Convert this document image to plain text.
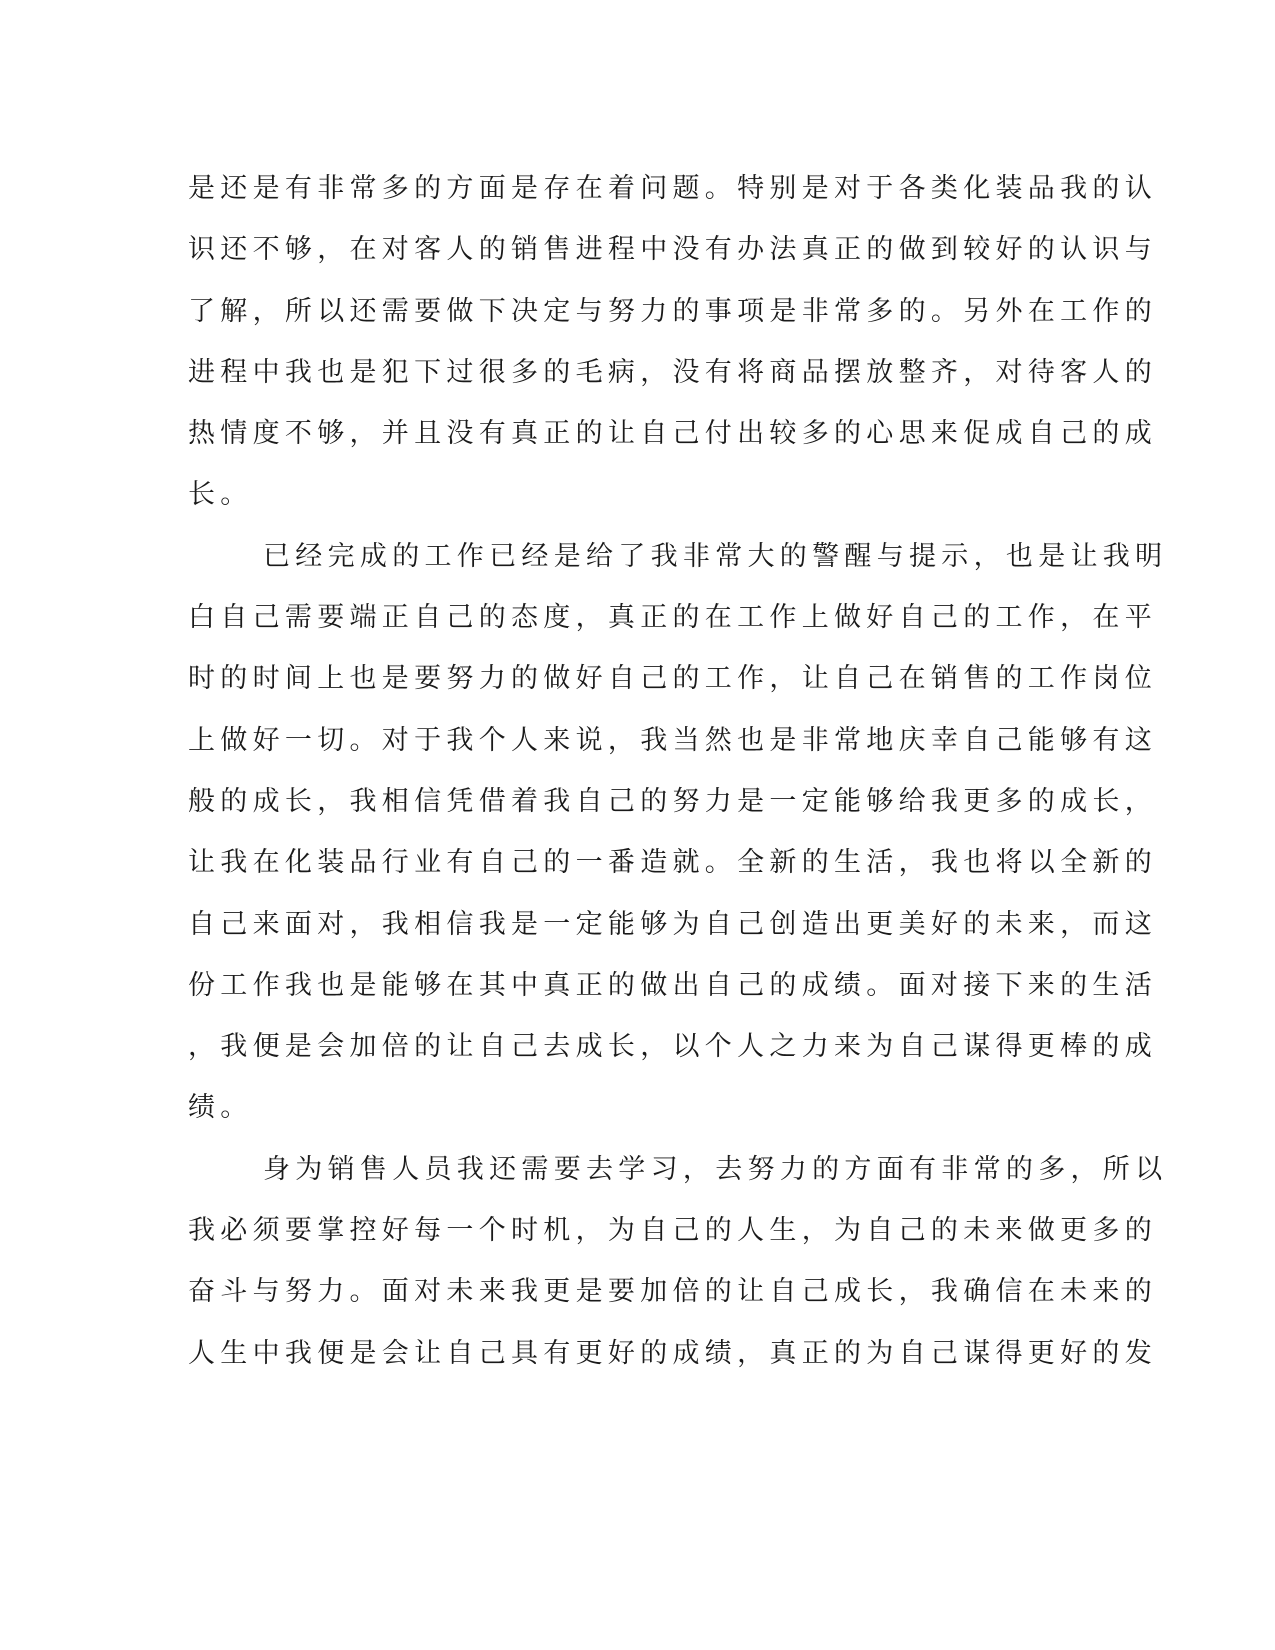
是还是有非常多的方面是存在着问题。特别是对于各类化装品我的认
识还不够，在对客人的销售进程中没有办法真正的做到较好的认识与
了解，所以还需要做下决定与努力的事项是非常多的。另外在工作的
进程中我也是犯下过很多的毛病，没有将商品摆放整齐，对待客人的
热情度不够，并且没有真正的让自己付出较多的心思来促成自己的成
长。
已经完成的工作已经是给了我非常大的警醒与提示，也是让我明
白自己需要端正自己的态度，真正的在工作上做好自己的工作，在平
时的时间上也是要努力的做好自己的工作，让自己在销售的工作岗位
上做好一切。对于我个人来说，我当然也是非常地庆幸自己能够有这
般的成长，我相信凭借着我自己的努力是一定能够给我更多的成长，
让我在化装品行业有自己的一番造就。全新的生活，我也将以全新的
自己来面对，我相信我是一定能够为自己创造出更美好的未来，而这
份工作我也是能够在其中真正的做出自己的成绩。面对接下来的生活
，我便是会加倍的让自己去成长，以个人之力来为自己谋得更棒的成
绩。
身为销售人员我还需要去学习，去努力的方面有非常的多，所以
我必须要掌控好每一个时机，为自己的人生，为自己的未来做更多的
奋斗与努力。面对未来我更是要加倍的让自己成长，我确信在未来的
人生中我便是会让自己具有更好的成绩，真正的为自己谋得更好的发
